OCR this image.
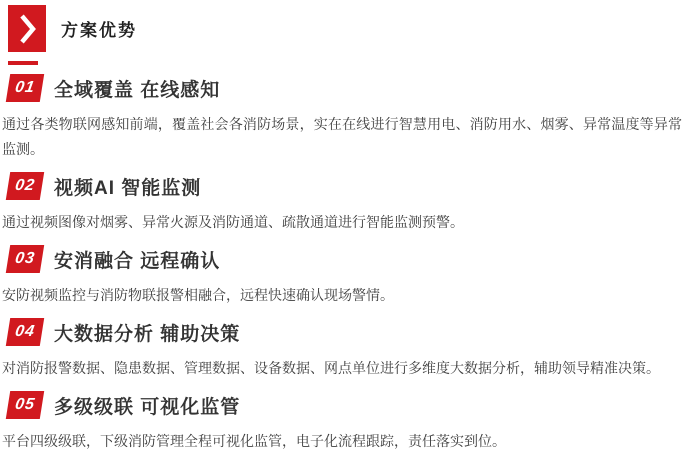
方案优势
01 全域覆盖 在线感知

通过各类物联网感知前端，覆盖社会各消防场景，实在在线进行智慧用电、消防用水、烟雾、异常温度等异常监测。

02 视频AI 智能监测

通过视频图像对烟雾、异常火源及消防通道、疏散通道进行智能监测预警。

03 安消融合 远程确认

安防视频监控与消防物联报警相融合，远程快速确认现场警情。

04 大数据分析 辅助决策

对消防报警数据、隐患数据、管理数据、设备数据、网点单位进行多维度大数据分析，辅助领导精准决策。

05 多级级联 可视化监管

平台四级级联，下级消防管理全程可视化监管，电子化流程跟踪，责任落实到位。
